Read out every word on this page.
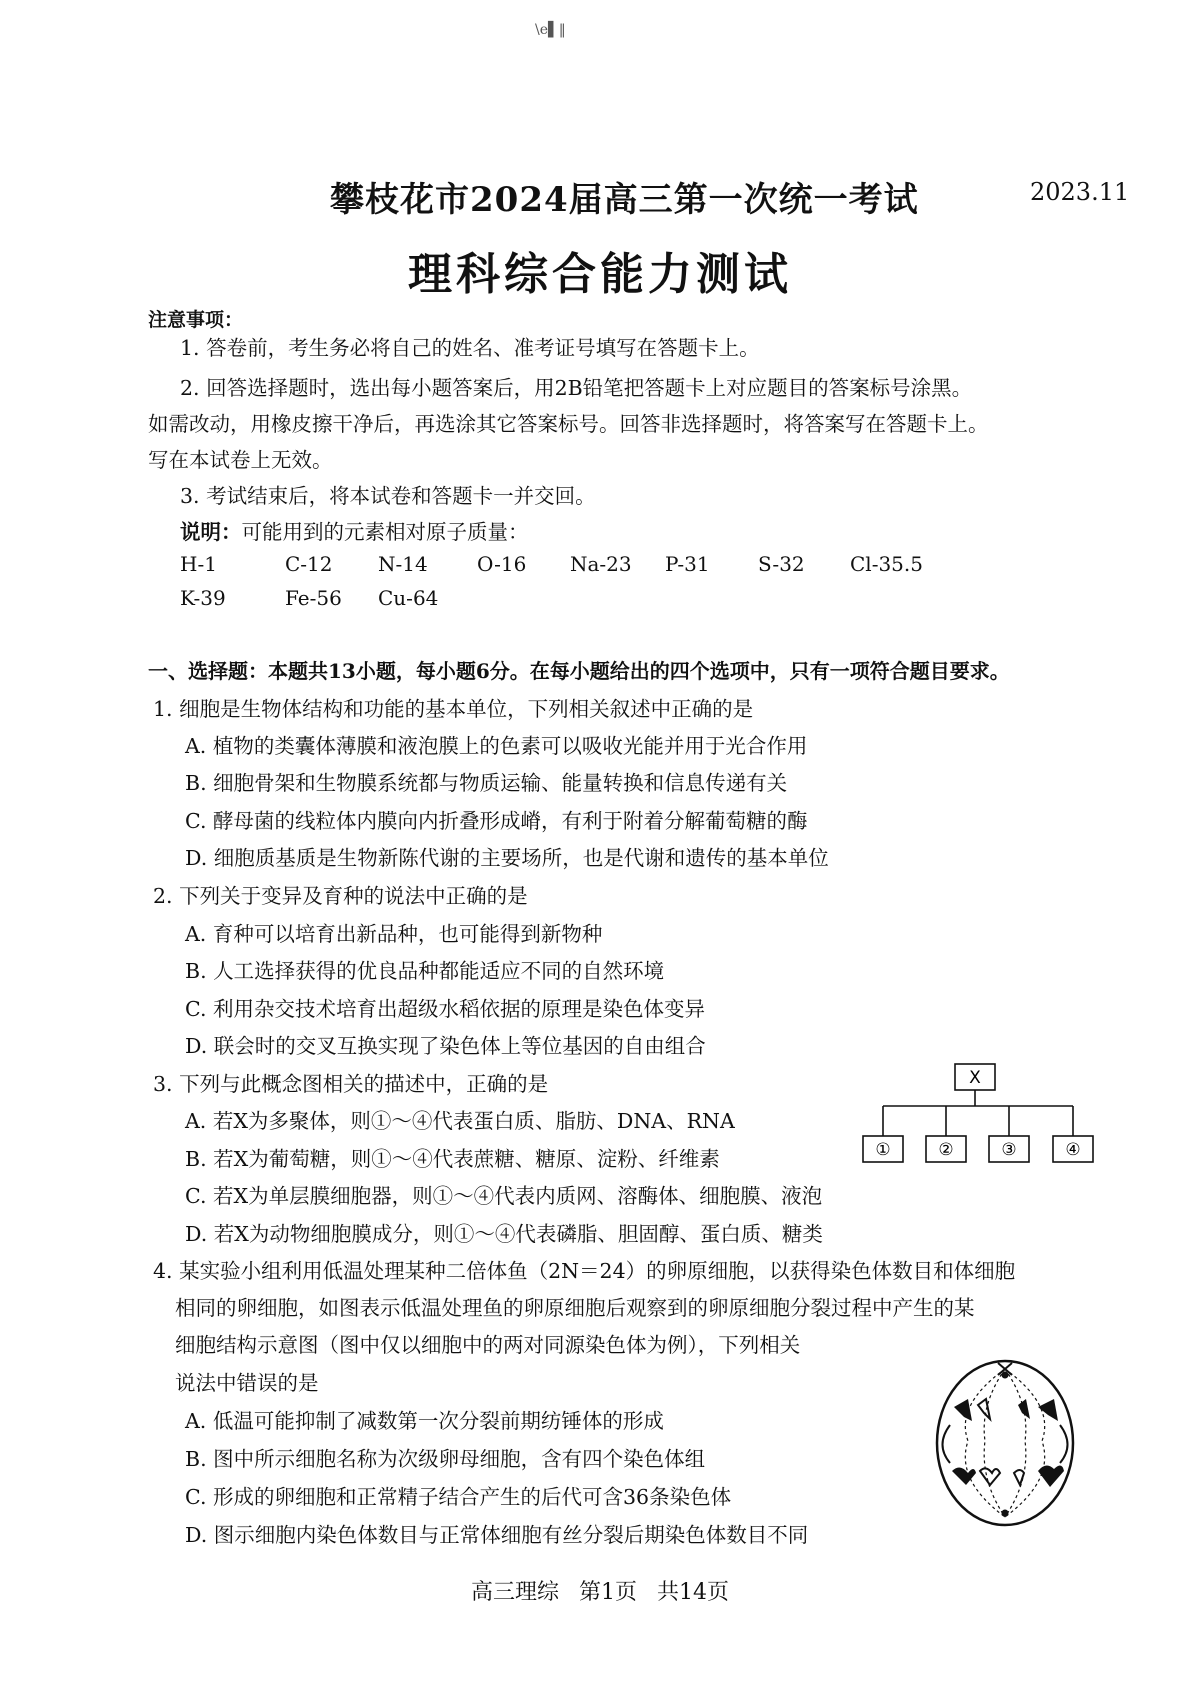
\e▌‖
攀枝花市2024届高三第一次统一考试	2023.11
理科综合能力测试
注意事项：
1. 答卷前，考生务必将自己的姓名、准考证号填写在答题卡上。
2. 回答选择题时，选出每小题答案后，用2B铅笔把答题卡上对应题目的答案标号涂黑。
如需改动，用橡皮擦干净后，再选涂其它答案标号。回答非选择题时，将答案写在答题卡上。
写在本试卷上无效。
3. 考试结束后，将本试卷和答题卡一并交回。
说明：可能用到的元素相对原子质量：
H-1	C-12 N-14 O-16 Na-23 P-31 S-32 Cl-35.5
K-39	Fe-56 Cu-64
一、选择题：本题共13小题，每小题6分。在每小题给出的四个选项中，只有一项符合题目要求。
1. 细胞是生物体结构和功能的基本单位，下列相关叙述中正确的是
A. 植物的类囊体薄膜和液泡膜上的色素可以吸收光能并用于光合作用
B. 细胞骨架和生物膜系统都与物质运输、能量转换和信息传递有关
C. 酵母菌的线粒体内膜向内折叠形成嵴，有利于附着分解葡萄糖的酶
D. 细胞质基质是生物新陈代谢的主要场所，也是代谢和遗传的基本单位
2. 下列关于变异及育种的说法中正确的是
A. 育种可以培育出新品种，也可能得到新物种
B. 人工选择获得的优良品种都能适应不同的自然环境
C. 利用杂交技术培育出超级水稻依据的原理是染色体变异
D. 联会时的交叉互换实现了染色体上等位基因的自由组合
3. 下列与此概念图相关的描述中，正确的是
A. 若X为多聚体，则①～④代表蛋白质、脂肪、DNA、RNA
B. 若X为葡萄糖，则①～④代表蔗糖、糖原、淀粉、纤维素
C. 若X为单层膜细胞器，则①～④代表内质网、溶酶体、细胞膜、液泡
D. 若X为动物细胞膜成分，则①～④代表磷脂、胆固醇、蛋白质、糖类
X
①	②	③	④
4. 某实验小组利用低温处理某种二倍体鱼（2N＝24）的卵原细胞，以获得染色体数目和体细胞
相同的卵细胞，如图表示低温处理鱼的卵原细胞后观察到的卵原细胞分裂过程中产生的某
细胞结构示意图（图中仅以细胞中的两对同源染色体为例），下列相关
说法中错误的是
A. 低温可能抑制了减数第一次分裂前期纺锤体的形成
B. 图中所示细胞名称为次级卵母细胞，含有四个染色体组
C. 形成的卵细胞和正常精子结合产生的后代可含36条染色体
D. 图示细胞内染色体数目与正常体细胞有丝分裂后期染色体数目不同
高三理综 第1页 共14页
